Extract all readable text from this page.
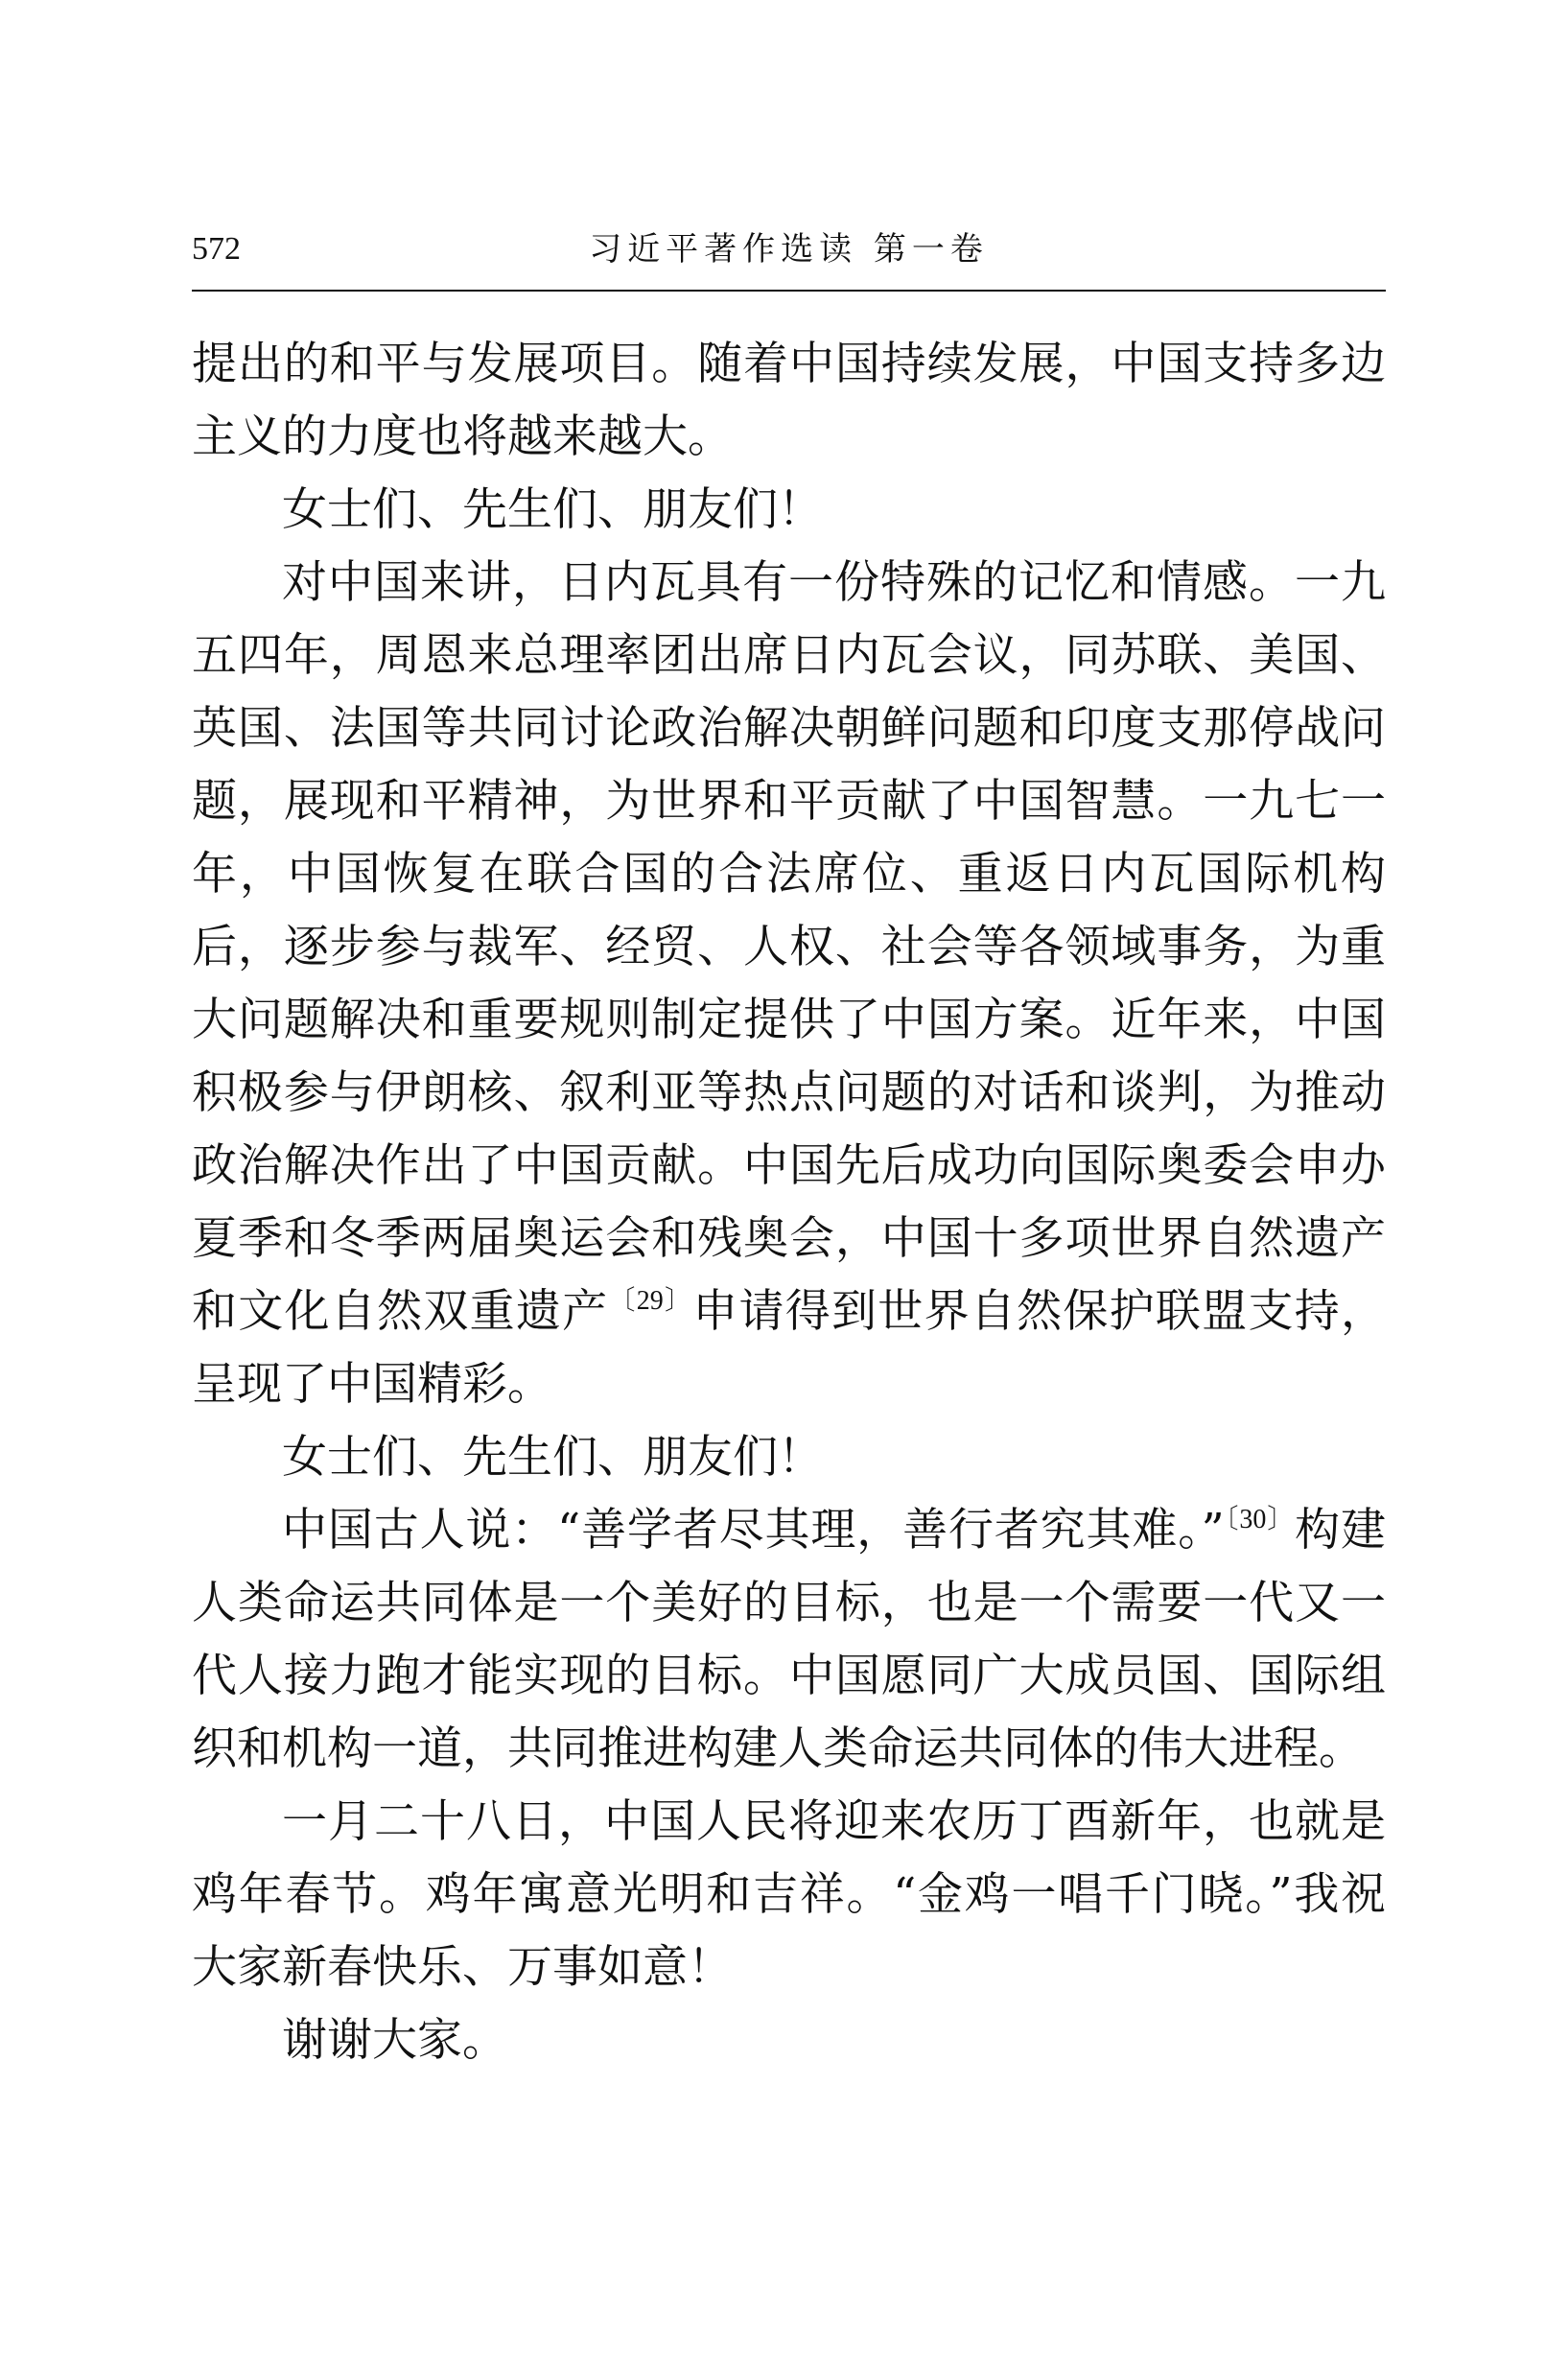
572	习近平著作选读 第一卷

提出的和平与发展项目。随着中国持续发展，中国支持多边主义的力度也将越来越大。

女士们、先生们、朋友们！

对中国来讲，日内瓦具有一份特殊的记忆和情感。一九五四年，周恩来总理率团出席日内瓦会议，同苏联、美国、英国、法国等共同讨论政治解决朝鲜问题和印度支那停战问题，展现和平精神，为世界和平贡献了中国智慧。一九七一年，中国恢复在联合国的合法席位、重返日内瓦国际机构后，逐步参与裁军、经贸、人权、社会等各领域事务，为重大问题解决和重要规则制定提供了中国方案。近年来，中国积极参与伊朗核、叙利亚等热点问题的对话和谈判，为推动政治解决作出了中国贡献。中国先后成功向国际奥委会申办夏季和冬季两届奥运会和残奥会，中国十多项世界自然遗产和文化自然双重遗产$^{〔29〕}$申请得到世界自然保护联盟支持，呈现了中国精彩。

女士们、先生们、朋友们！

中国古人说：“善学者尽其理，善行者究其难。”$^{〔30〕}$构建人类命运共同体是一个美好的目标，也是一个需要一代又一代人接力跑才能实现的目标。中国愿同广大成员国、国际组织和机构一道，共同推进构建人类命运共同体的伟大进程。

一月二十八日，中国人民将迎来农历丁酉新年，也就是鸡年春节。鸡年寓意光明和吉祥。“金鸡一唱千门晓。”我祝大家新春快乐、万事如意！

谢谢大家。
